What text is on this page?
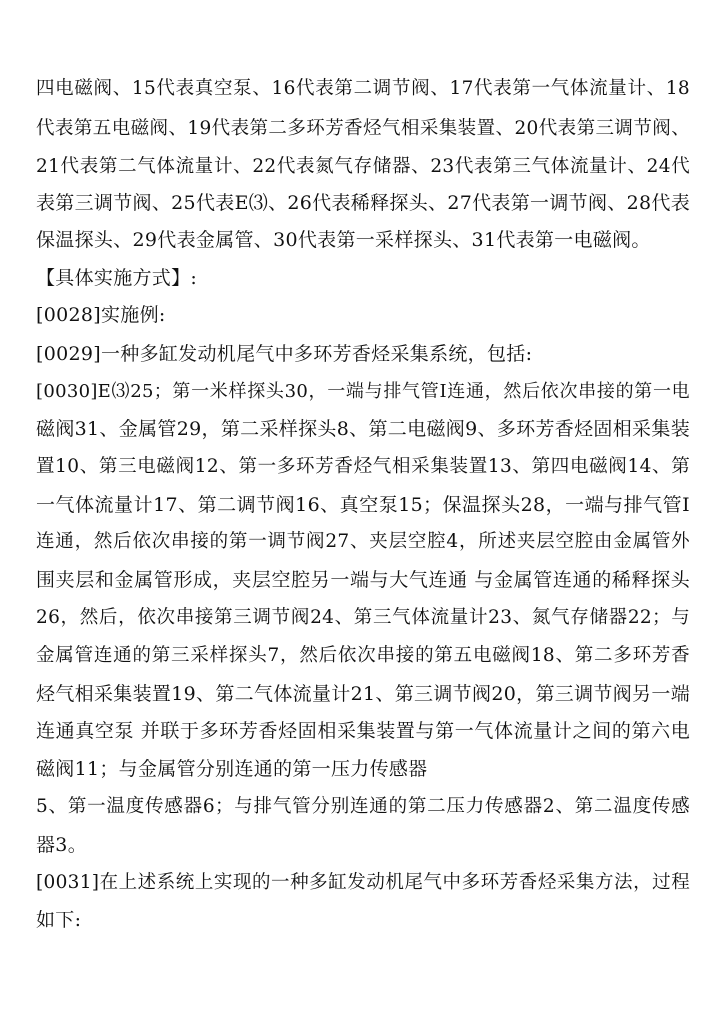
四电磁阀、15代表真空泵、16代表第二调节阀、17代表第一气体流量计、18
代表第五电磁阀、19代表第二多环芳香烃气相采集装置、20代表第三调节阀、
21代表第二气体流量计、22代表氮气存储器、23代表第三气体流量计、24代
表第三调节阀、25代表E⑶、26代表稀释探头、27代表第一调节阀、28代表
保温探头、29代表金属管、30代表第一采样探头、31代表第一电磁阀。
【具体实施方式】:
[0028]实施例:
[0029]一种多缸发动机尾气中多环芳香烃采集系统，包括:
[0030]E⑶25；第一米样探头30，一端与排气管I连通，然后依次串接的第一电
磁阀31、金属管29，第二采样探头8、第二电磁阀9、多环芳香烃固相采集装
置10、第三电磁阀12、第一多环芳香烃气相采集装置13、第四电磁阀14、第
一气体流量计17、第二调节阀16、真空泵15；保温探头28，一端与排气管I
连通，然后依次串接的第一调节阀27、夹层空腔4，所述夹层空腔由金属管外
围夹层和金属管形成，夹层空腔另一端与大气连通 与金属管连通的稀释探头
26，然后，依次串接第三调节阀24、第三气体流量计23、氮气存储器22；与
金属管连通的第三采样探头7，然后依次串接的第五电磁阀18、第二多环芳香
烃气相采集装置19、第二气体流量计21、第三调节阀20，第三调节阀另一端
连通真空泵 并联于多环芳香烃固相采集装置与第一气体流量计之间的第六电
磁阀11；与金属管分别连通的第一压力传感器
5、第一温度传感器6；与排气管分别连通的第二压力传感器2、第二温度传感
器3。
[0031]在上述系统上实现的一种多缸发动机尾气中多环芳香烃采集方法，过程
如下:
